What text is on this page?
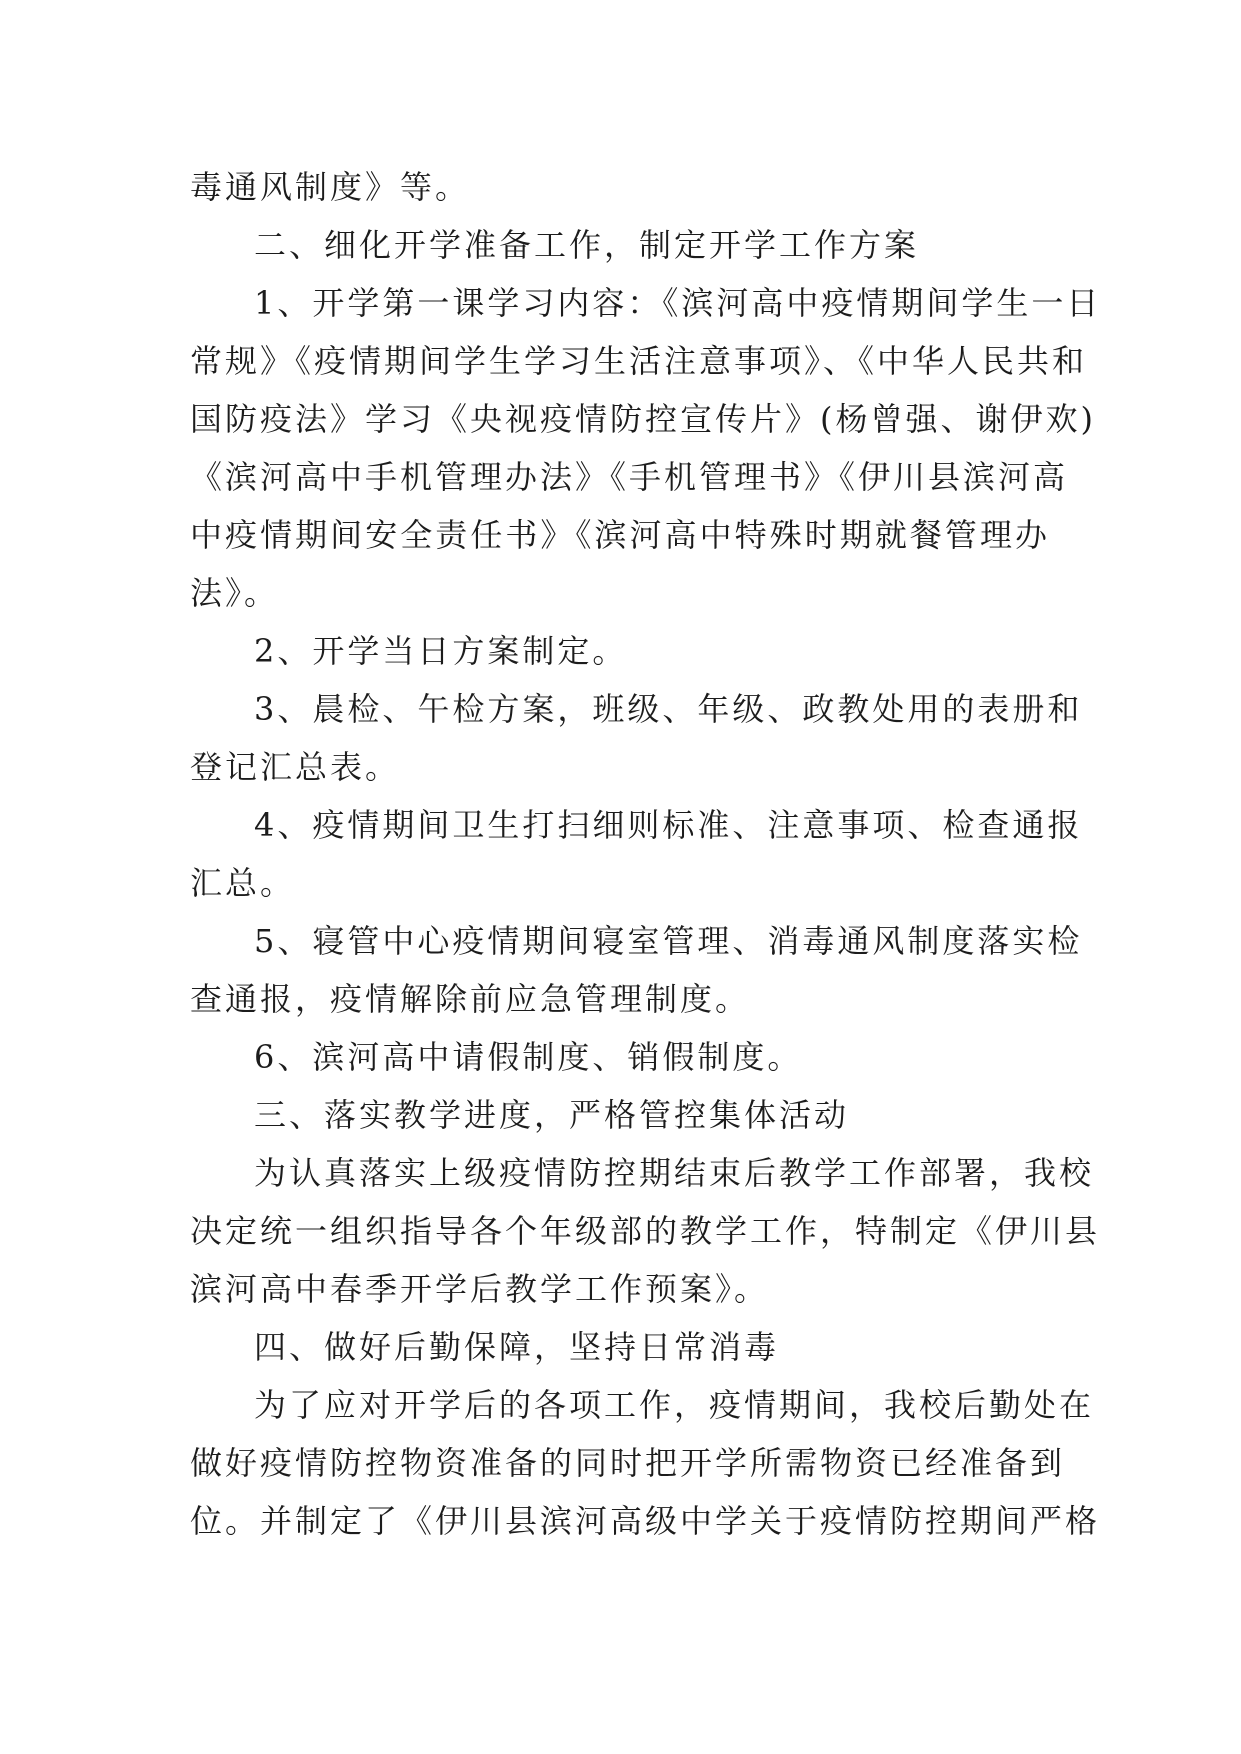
毒通风制度》等。
二、细化开学准备工作，制定开学工作方案
1、开学第一课学习内容：《滨河高中疫情期间学生一日
常规》《疫情期间学生学习生活注意事项》、《中华人民共和
国防疫法》学习《央视疫情防控宣传片》(杨曾强、谢伊欢)
《滨河高中手机管理办法》《手机管理书》《伊川县滨河高
中疫情期间安全责任书》《滨河高中特殊时期就餐管理办
法》。
2、开学当日方案制定。
3、晨检、午检方案，班级、年级、政教处用的表册和
登记汇总表。
4、疫情期间卫生打扫细则标准、注意事项、检查通报
汇总。
5、寝管中心疫情期间寝室管理、消毒通风制度落实检
查通报，疫情解除前应急管理制度。
6、滨河高中请假制度、销假制度。
三、落实教学进度，严格管控集体活动
为认真落实上级疫情防控期结束后教学工作部署，我校
决定统一组织指导各个年级部的教学工作，特制定《伊川县
滨河高中春季开学后教学工作预案》。
四、做好后勤保障，坚持日常消毒
为了应对开学后的各项工作，疫情期间，我校后勤处在
做好疫情防控物资准备的同时把开学所需物资已经准备到
位。并制定了《伊川县滨河高级中学关于疫情防控期间严格
